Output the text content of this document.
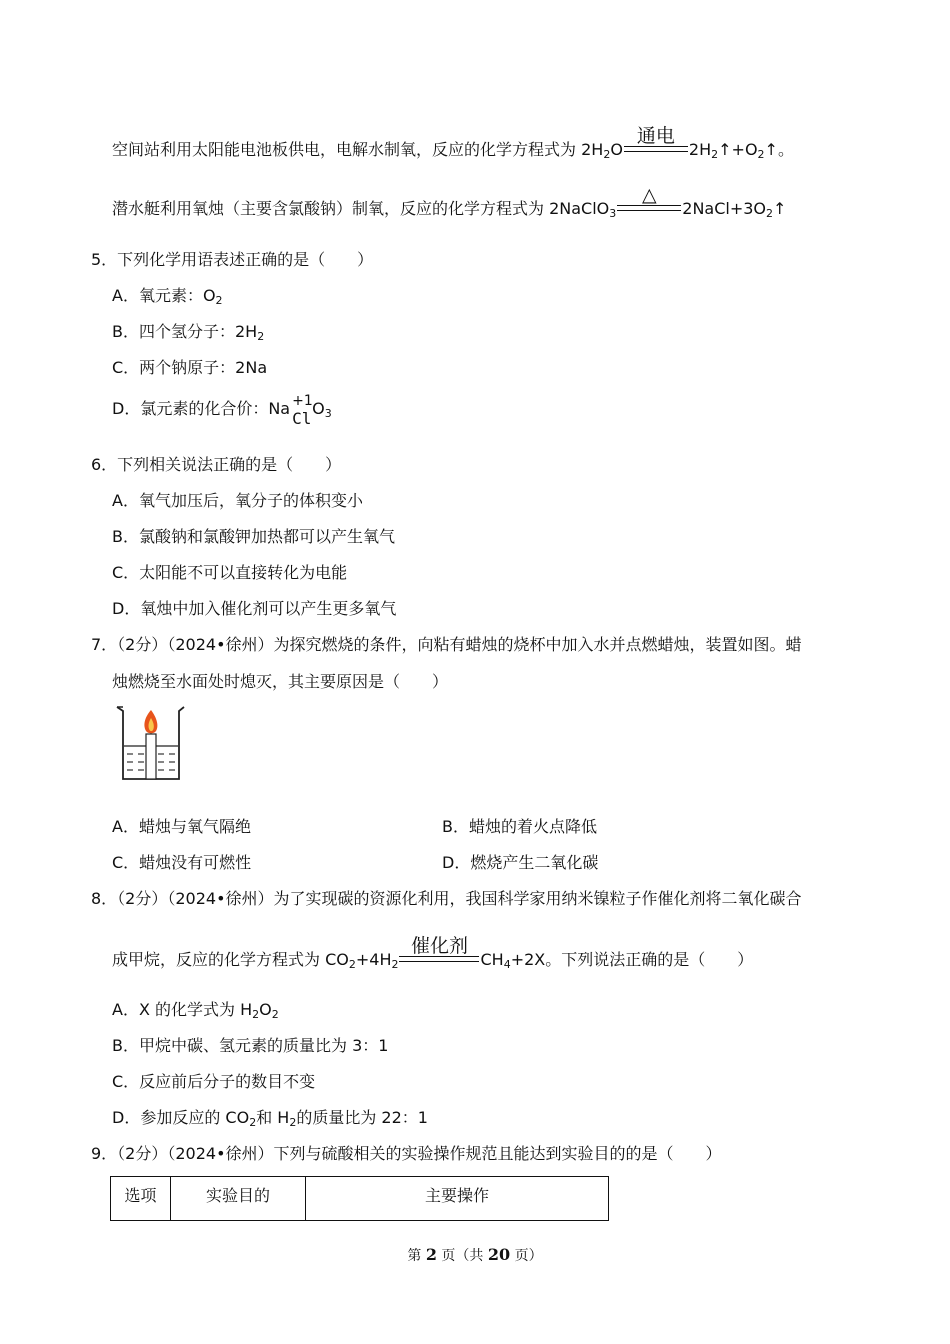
空间站利用太阳能电池板供电，电解水制氧，反应的化学方程式为 $2H_2O$
通电
$2H_2↑+O_2↑$。
潜水艇利用氧烛（主要含氯酸钠）制氧，反应的化学方程式为 2NaClO$_3$
△
$2NaCl+3O_2↑$
5．下列化学用语表述正确的是（　　）
A．氧元素：$O_2$
B．四个氢分子：$2H_2$
C．两个钠原子：2Na
D．氯元素的化合价：Na +1
Cl
$O_3$
6．下列相关说法正确的是（　　）
A．氧气加压后，氧分子的体积变小
B．氯酸钠和氯酸钾加热都可以产生氧气
C．太阳能不可以直接转化为电能
D．氧烛中加入催化剂可以产生更多氧气
7．（2分）（2024•徐州）为探究燃烧的条件，向粘有蜡烛的烧杯中加入水并点燃蜡烛，装置如图。蜡
烛燃烧至水面处时熄灭，其主要原因是（　　）
A．蜡烛与氧气隔绝	B．蜡烛的着火点降低
C．蜡烛没有可燃性	D．燃烧产生二氧化碳
8．（2分）（2024•徐州）为了实现碳的资源化利用，我国科学家用纳米镍粒子作催化剂将二氧化碳合
成甲烷，反应的化学方程式为 $CO_2+4H_2$
催化剂
$CH_4+2X$。下列说法正确的是（　　）
A．X 的化学式为 $H_2O_2$
B．甲烷中碳、氢元素的质量比为 3：1
C．反应前后分子的数目不变
D．参加反应的 $CO_2$和 $H_2$的质量比为 22：1
9．（2分）（2024•徐州）下列与硫酸相关的实验操作规范且能达到实验目的的是（　　）
选项	实验目的	主要操作
第 2 页（共 20 页）
